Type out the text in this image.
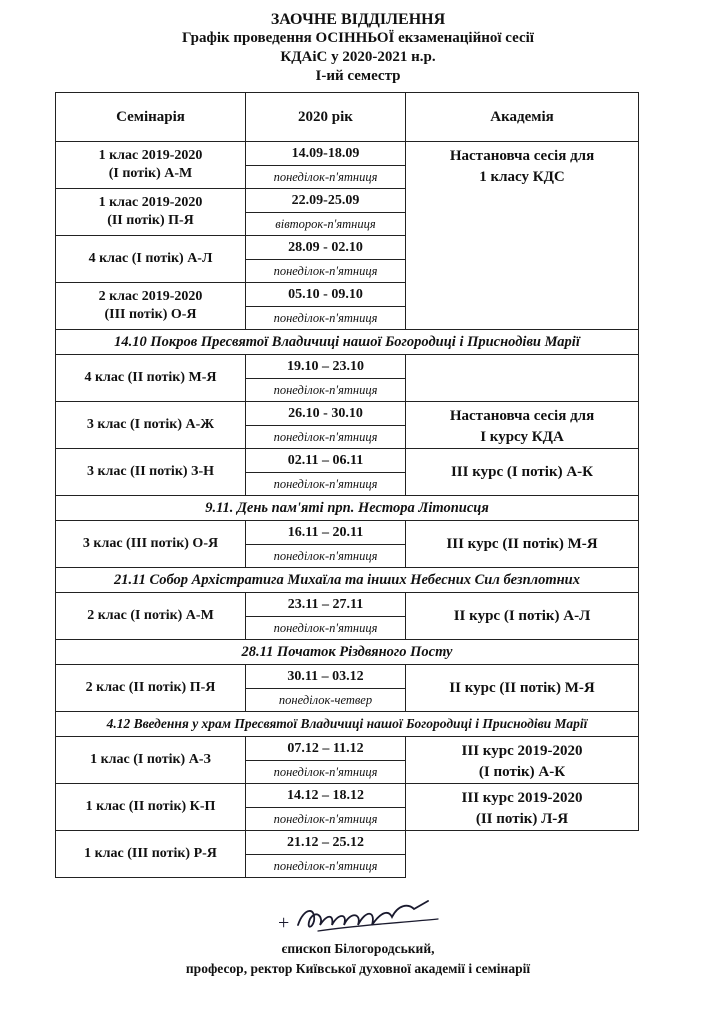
ЗАОЧНЕ ВІДДІЛЕННЯ
Графік проведення ОСІННЬОЇ екзаменаційної сесії
КДАіС у 2020-2021 н.р.
І-ий семестр
Семінарія	2020 рік	Академія
1 клас 2019-2020
(І потік) А-М	14.09-18.09	Настановча сесія для
1 класу КДС
	понеділок-п'ятниця	
1 клас 2019-2020
(ІІ потік) П-Я	22.09-25.09	
	вівторок-п'ятниця	
4 клас (І потік) А-Л	28.09 - 02.10	
	понеділок-п'ятниця	
2 клас 2019-2020
(ІІІ потік) О-Я	05.10 - 09.10	
	понеділок-п'ятниця	
14.10 Покров Пресвятої Владичиці нашої Богородиці і Приснодіви Марії		
4 клас (ІІ потік) М-Я	19.10 – 23.10	
	понеділок-п'ятниця	
3 клас (І потік) А-Ж	26.10 - 30.10	Настановча сесія для
І курсу КДА
	понеділок-п'ятниця	
3 клас (ІІ потік) З-Н	02.11 – 06.11	ІІІ курс (І потік) А-К
	понеділок-п'ятниця	
9.11. День пам'яті прп. Нестора Літописця		
3 клас (ІІІ потік) О-Я	16.11 – 20.11	ІІІ курс (ІІ потік) М-Я
	понеділок-п'ятниця	
21.11 Собор Архістратига Михаїла та інших Небесних Сил безплотних		
2 клас (І потік) А-М	23.11 – 27.11	ІІ курс (І потік) А-Л
	понеділок-п'ятниця	
28.11 Початок Різдвяного Посту		
2 клас (ІІ потік) П-Я	30.11 – 03.12	ІІ курс (ІІ потік) М-Я
	понеділок-четвер	
4.12 Введення у храм Пресвятої Владичиці нашої Богородиці і Приснодіви Марії		
1 клас (І потік) А-З	07.12 – 11.12	ІІІ курс 2019-2020
(І потік) А-К
	понеділок-п'ятниця	
1 клас (ІІ потік) К-П	14.12 – 18.12	ІІІ курс 2019-2020
(ІІ потік) Л-Я
	понеділок-п'ятниця	
1 клас (ІІІ потік) Р-Я	21.12 – 25.12	
	понеділок-п'ятниця	
+
єпископ Білогородський,
професор, ректор Київської духовної академії і семінарії
